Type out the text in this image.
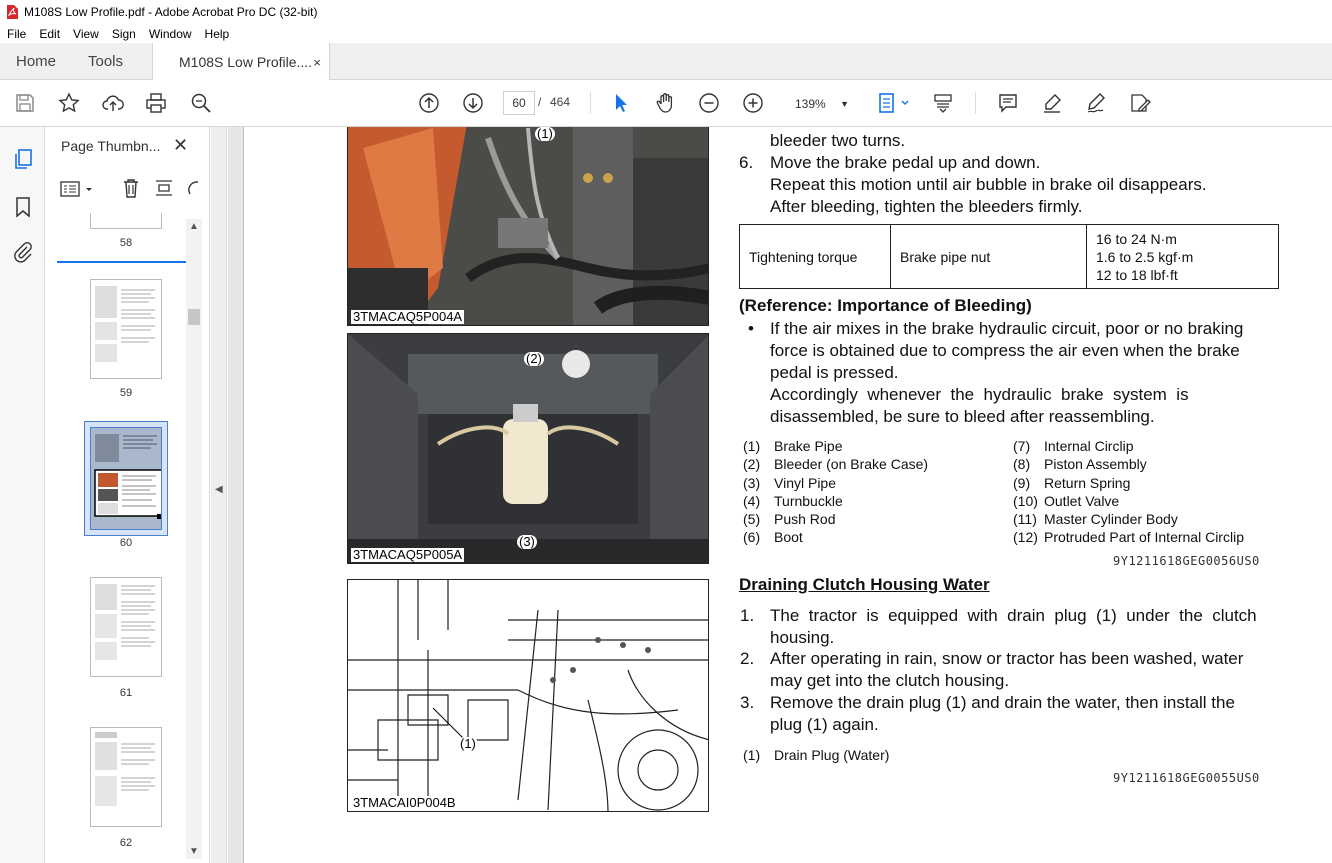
M108S Low Profile.pdf - Adobe Acrobat Pro DC (32-bit)
File	Edit	View	Sign	Window	Help
Home Tools	M108S Low Profile.... ×
60	/ 464	139% ▼
Page Thumbn... ✕
58
59
60
61
62
▲
▼
◀
(1)
3TMACAQ5P004A
(2)
(3)
3TMACAQ5P005A
(1)
3TMACAI0P004B
bleeder two turns.
6. Move the brake pedal up and down.
Repeat this motion until air bubble in brake oil disappears.
After bleeding, tighten the bleeders firmly.
Tightening torque	Brake pipe nut	
16 to 24 N·m
1.6 to 2.5 kgf·m
12 to 18 lbf·ft
(Reference: Importance of Bleeding)
• If the air mixes in the brake hydraulic circuit, poor or no braking
force is obtained due to compress the air even when the brake
pedal is pressed.
Accordingly  whenever  the  hydraulic  brake  system  is
disassembled, be sure to bleed after reassembling.
(1) Brake Pipe
(2) Bleeder (on Brake Case)
(3) Vinyl Pipe
(4) Turnbuckle
(5) Push Rod
(6) Boot
(7) Internal Circlip
(8) Piston Assembly
(9) Return Spring
(10) Outlet Valve
(11) Master Cylinder Body
(12) Protruded Part of Internal Circlip
9Y1211618GEG0056US0
Draining Clutch Housing Water
1. The  tractor  is  equipped  with  drain  plug  (1)  under  the  clutch
housing.
2. After operating in rain, snow or tractor has been washed, water
may get into the clutch housing.
3. Remove the drain plug (1) and drain the water, then install the
plug (1) again.
(1) Drain Plug (Water)
9Y1211618GEG0055US0
